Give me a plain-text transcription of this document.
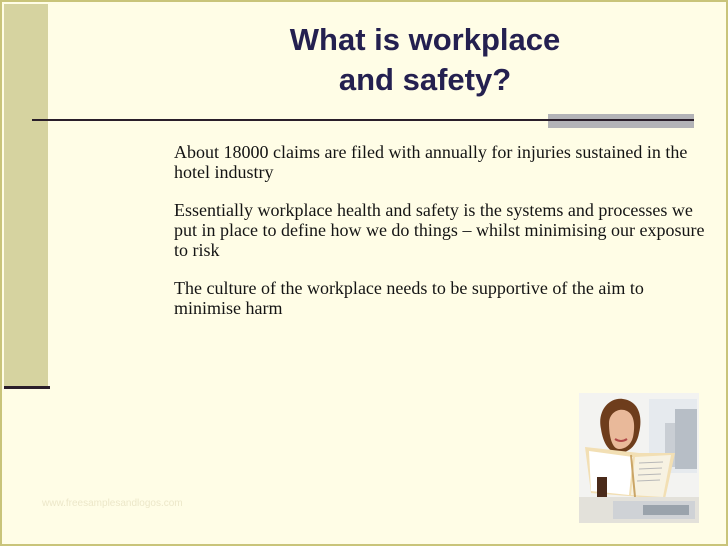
What is workplace
and safety?

About 18000 claims are filed with annually for injuries sustained in the hotel industry

Essentially workplace health and safety is the systems and processes we put in place to define how we do things – whilst minimising our exposure to risk

The culture of the workplace needs to be supportive of the aim to minimise harm

www.freesamplesandlogos.com
